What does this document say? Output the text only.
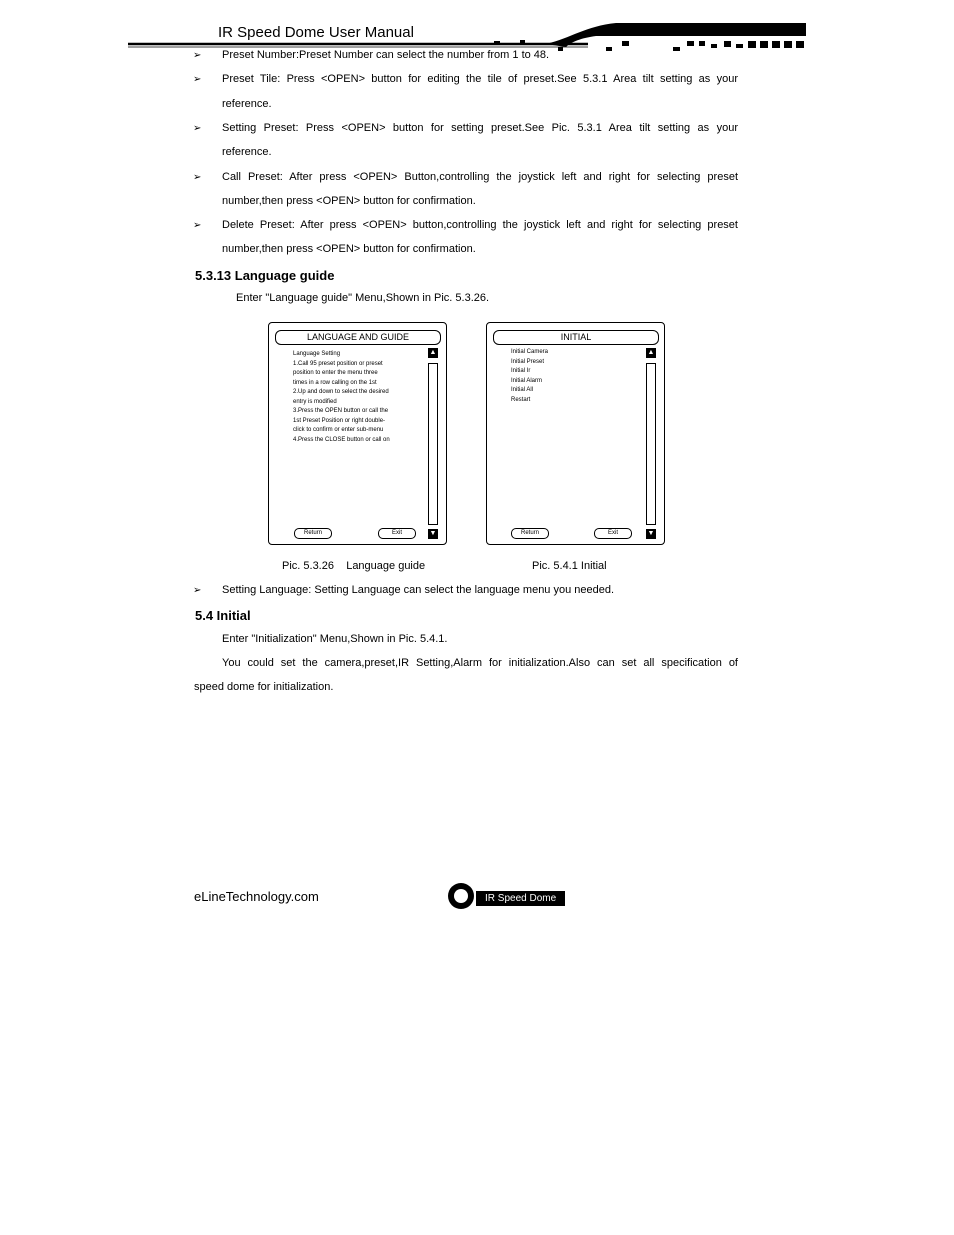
IR Speed Dome User Manual
➢ Preset Number:Preset Number can select the number from 1 to 48.
➢ Preset Tile: Press <OPEN> button for editing the tile of preset.See 5.3.1 Area tilt setting as your
reference.
➢ Setting Preset: Press <OPEN> button for setting preset.See Pic. 5.3.1 Area tilt setting as your
reference.
➢ Call Preset: After press <OPEN> Button,controlling the joystick left and right for selecting preset
number,then press <OPEN> button for confirmation.
➢ Delete Preset: After press <OPEN> button,controlling the joystick left and right for selecting preset
number,then press <OPEN> button for confirmation.
5.3.13 Language guide
Enter "Language guide" Menu,Shown in Pic. 5.3.26.
LANGUAGE AND GUIDE
Language Setting
1.Call 95 preset position or preset
position to enter the menu three
times in a row calling on the 1st
2.Up and down to select the desired
entry is modified
3.Press the OPEN button or call the
1st Preset Position or right double-
click to confirm or enter sub-menu
4.Press the CLOSE button or call on
▲
▼
Return	Exit
INITIAL
Initial Camera
Initial Preset
Initial Ir
Initial Alarm
Initial All
Restart
▲
▼
Return	Exit
Pic. 5.3.26    Language guide	Pic. 5.4.1 Initial
➢ Setting Language: Setting Language can select the language menu you needed.
5.4 Initial
Enter "Initialization" Menu,Shown in Pic. 5.4.1.
You could set the camera,preset,IR Setting,Alarm for initialization.Also can set all specification of
speed dome for initialization.
eLineTechnology.com	IR Speed Dome
